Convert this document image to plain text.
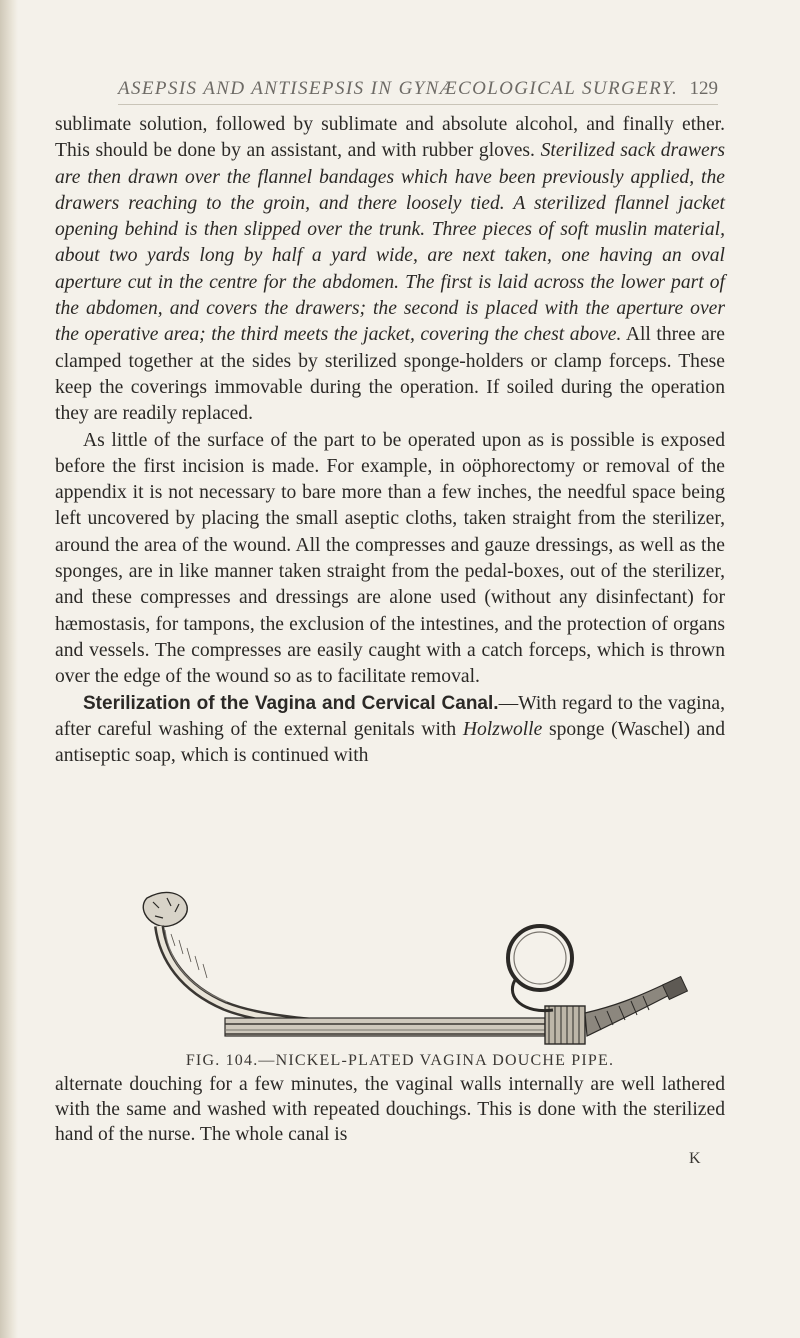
ASEPSIS AND ANTISEPSIS IN GYNÆCOLOGICAL SURGERY. 129

sublimate solution, followed by sublimate and absolute alcohol, and finally ether. This should be done by an assistant, and with rubber gloves. Sterilized sack drawers are then drawn over the flannel bandages which have been previously applied, the drawers reaching to the groin, and there loosely tied. A sterilized flannel jacket opening behind is then slipped over the trunk. Three pieces of soft muslin material, about two yards long by half a yard wide, are next taken, one having an oval aperture cut in the centre for the abdomen. The first is laid across the lower part of the abdomen, and covers the drawers; the second is placed with the aperture over the operative area; the third meets the jacket, covering the chest above. All three are clamped together at the sides by sterilized sponge-holders or clamp forceps. These keep the coverings immovable during the operation. If soiled during the operation they are readily replaced.

As little of the surface of the part to be operated upon as is possible is exposed before the first incision is made. For example, in oöphorectomy or removal of the appendix it is not necessary to bare more than a few inches, the needful space being left uncovered by placing the small aseptic cloths, taken straight from the sterilizer, around the area of the wound. All the compresses and gauze dressings, as well as the sponges, are in like manner taken straight from the pedal-boxes, out of the sterilizer, and these compresses and dressings are alone used (without any disinfectant) for hæmostasis, for tampons, the exclusion of the intestines, and the protection of organs and vessels. The compresses are easily caught with a catch forceps, which is thrown over the edge of the wound so as to facilitate removal.

Sterilization of the Vagina and Cervical Canal.—With regard to the vagina, after careful washing of the external genitals with Holzwolle sponge (Waschel) and antiseptic soap, which is continued with

FIG. 104.—NICKEL-PLATED VAGINA DOUCHE PIPE.

alternate douching for a few minutes, the vaginal walls internally are well lathered with the same and washed with repeated douchings. This is done with the sterilized hand of the nurse. The whole canal is

K
